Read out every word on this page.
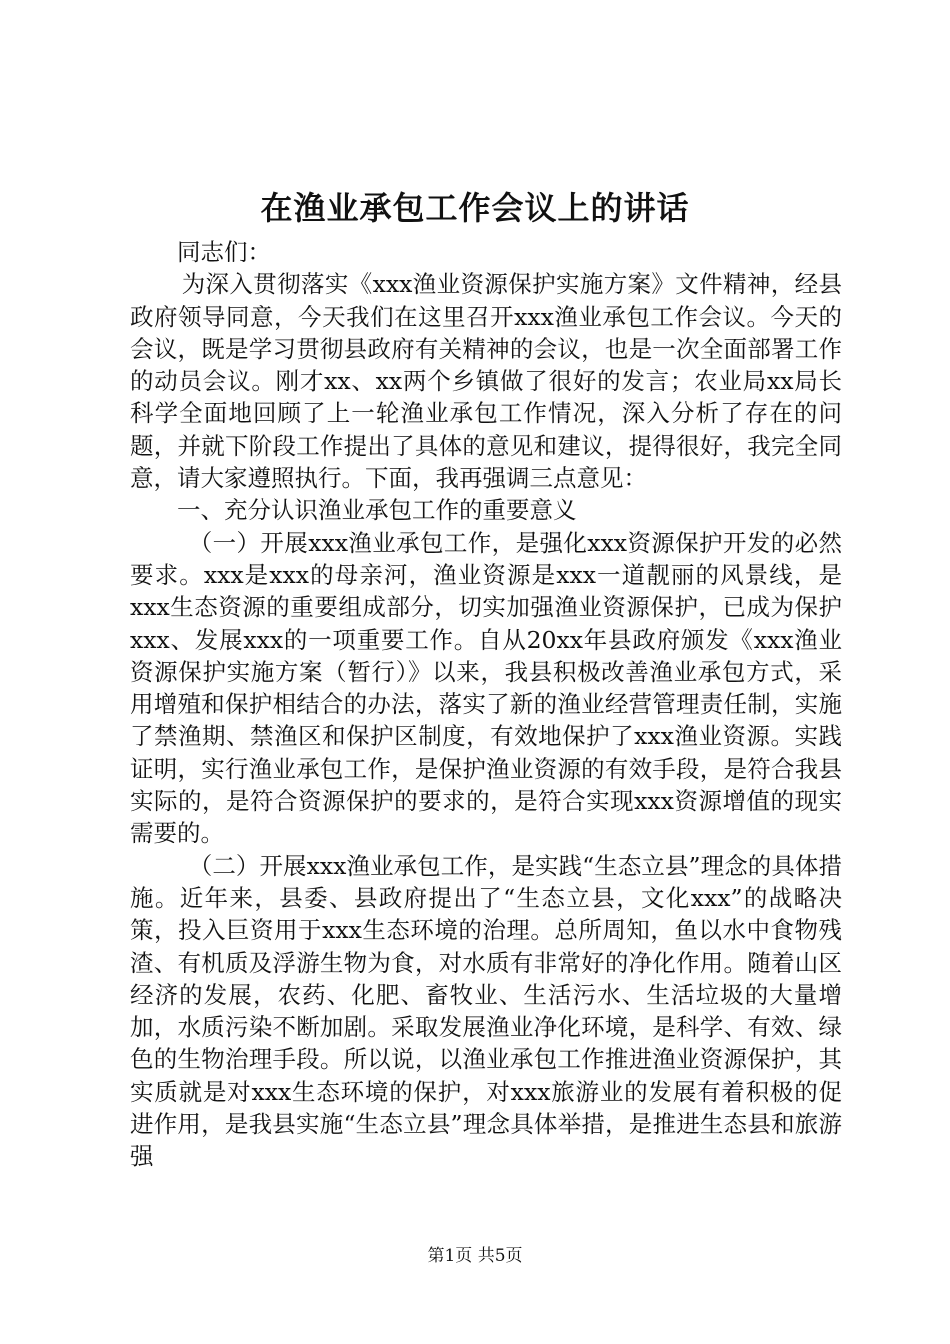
在渔业承包工作会议上的讲话

同志们：

为深入贯彻落实《xxx渔业资源保护实施方案》文件精神，经县政府领导同意，今天我们在这里召开xxx渔业承包工作会议。今天的会议，既是学习贯彻县政府有关精神的会议，也是一次全面部署工作的动员会议。刚才xx、xx两个乡镇做了很好的发言；农业局xx局长科学全面地回顾了上一轮渔业承包工作情况，深入分析了存在的问题，并就下阶段工作提出了具体的意见和建议，提得很好，我完全同意，请大家遵照执行。下面，我再强调三点意见：

一、充分认识渔业承包工作的重要意义

（一）开展xxx渔业承包工作，是强化xxx资源保护开发的必然要求。xxx是xxx的母亲河，渔业资源是xxx一道靓丽的风景线，是xxx生态资源的重要组成部分，切实加强渔业资源保护，已成为保护xxx、发展xxx的一项重要工作。自从20xx年县政府颁发《xxx渔业资源保护实施方案（暂行）》以来，我县积极改善渔业承包方式，采用增殖和保护相结合的办法，落实了新的渔业经营管理责任制，实施了禁渔期、禁渔区和保护区制度，有效地保护了xxx渔业资源。实践证明，实行渔业承包工作，是保护渔业资源的有效手段，是符合我县实际的，是符合资源保护的要求的，是符合实现xxx资源增值的现实需要的。

（二）开展xxx渔业承包工作，是实践“生态立县”理念的具体措施。近年来，县委、县政府提出了“生态立县，文化xxx”的战略决策，投入巨资用于xxx生态环境的治理。总所周知，鱼以水中食物残渣、有机质及浮游生物为食，对水质有非常好的净化作用。随着山区经济的发展，农药、化肥、畜牧业、生活污水、生活垃圾的大量增加，水质污染不断加剧。采取发展渔业净化环境，是科学、有效、绿色的生物治理手段。所以说，以渔业承包工作推进渔业资源保护，其实质就是对xxx生态环境的保护，对xxx旅游业的发展有着积极的促进作用，是我县实施“生态立县”理念具体举措，是推进生态县和旅游强

第1页 共5页
